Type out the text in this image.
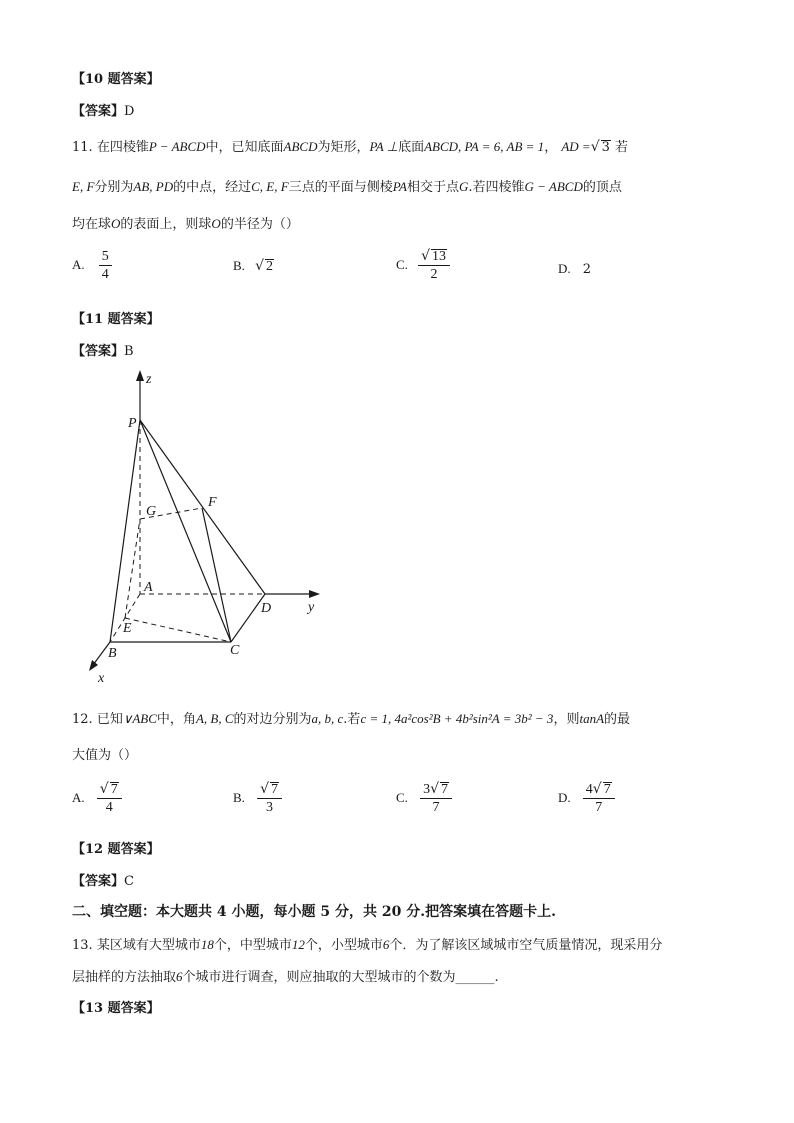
【10 题答案】
【答案】D
11. 在四棱锥P − ABCD中，已知底面ABCD为矩形，PA ⊥底面ABCD, PA = 6, AB = 1， AD =√ 3 若
E, F分别为AB, PD的中点，经过C, E, F三点的平面与侧棱PA相交于点G.若四棱锥G − ABCD的顶点
均在球O的表面上，则球O的半径为（）
A. $\frac{5}{4}$	B. √ 2	C. $\frac{√ 13}{2}$	D. 2
【11 题答案】
【答案】B
z
y
x
P
G
F
A
D
E
B	C
12. 已知∨ABC中，角A, B, C的对边分别为a, b, c.若c = 1, 4a²cos²B + 4b²sin²A = 3b² − 3，则tanA的最
大值为（）
A. $\frac{√ 7}{4}$	B. $\frac{√ 7}{3}$	C. $\frac{3√ 7}{7}$	D. $\frac{4√ 7}{7}$
【12 题答案】
【答案】C
二、填空题：本大题共 4 小题，每小题 5 分，共 20 分.把答案填在答题卡上.
13. 某区域有大型城市18个，中型城市12个，小型城市6个．为了解该区域城市空气质量情况，现采用分
层抽样的方法抽取6个城市进行调查，则应抽取的大型城市的个数为______.
【13 题答案】
